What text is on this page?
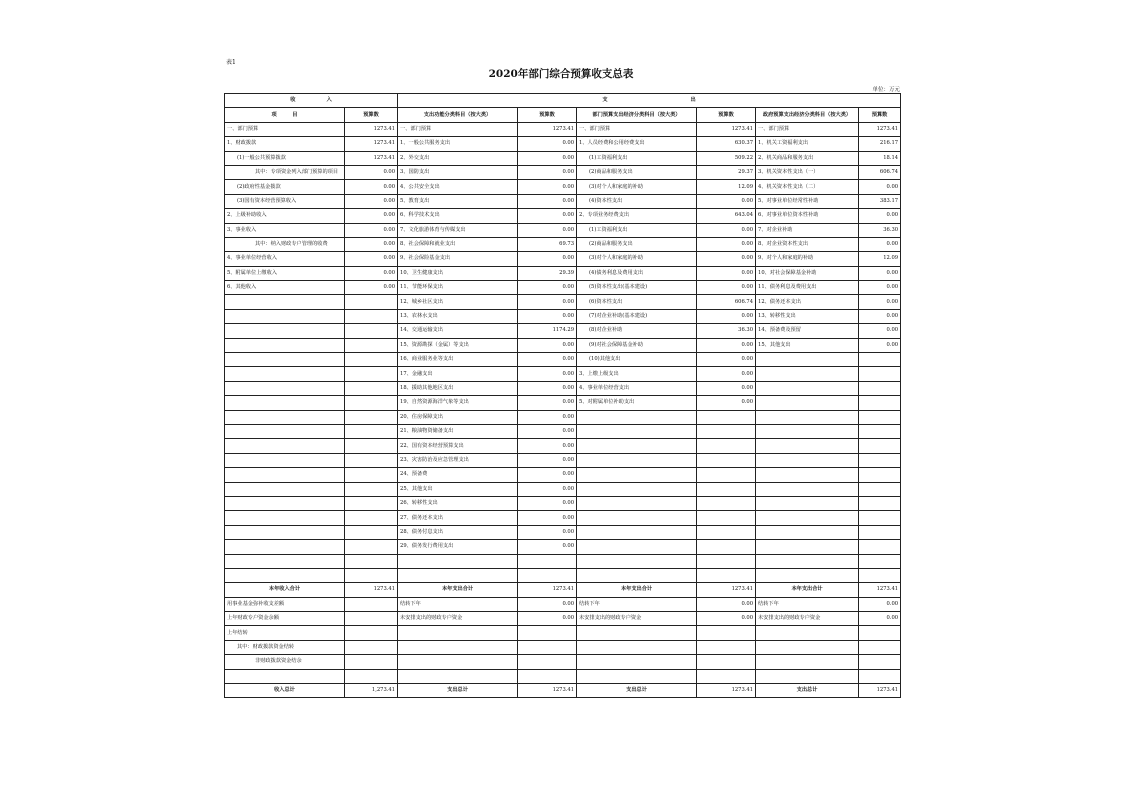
表1
2020年部门综合预算收支总表
单位：万元
收　　　　　　入		支　　　　　　　　　　　　　　　　出					
项　　　目	预算数	支出功能分类科目（按大类）	预算数	部门预算支出经济分类科目（按大类）	预算数	政府预算支出经济分类科目（按大类）	预算数
一、部门预算	1273.41	一、部门预算	1273.41	一、部门预算	1273.41	一、部门预算	1273.41
1、财政拨款	1273.41	1、一般公共服务支出	0.00	1、人员经费和公用经费支出	630.37	1、机关工资福利支出	216.17
(1)一般公共预算拨款	1273.41	2、外交支出	0.00	(1)工资福利支出	509.22	2、机关商品和服务支出	18.14
其中：专项资金列入部门预算的项目	0.00	3、国防支出	0.00	(2)商品和服务支出	29.37	3、机关资本性支出（一）	606.74
(2)政府性基金拨款	0.00	4、公共安全支出	0.00	(3)对个人和家庭的补助	12.09	4、机关资本性支出（二）	0.00
(3)国有资本经营预算收入	0.00	5、教育支出	0.00	(4)资本性支出	0.00	5、对事业单位经常性补助	383.17
2、上级补助收入	0.00	6、科学技术支出	0.00	2、专项业务经费支出	643.04	6、对事业单位资本性补助	0.00
3、事业收入	0.00	7、文化旅游体育与传媒支出	0.00	(1)工资福利支出	0.00	7、对企业补助	36.30
其中：纳入财政专户管理的收费	0.00	8、社会保障和就业支出	69.73	(2)商品和服务支出	0.00	8、对企业资本性支出	0.00
4、事业单位经营收入	0.00	9、社会保险基金支出	0.00	(3)对个人和家庭的补助	0.00	9、对个人和家庭的补助	12.09
5、附属单位上缴收入	0.00	10、卫生健康支出	29.39	(4)债务利息及费用支出	0.00	10、对社会保障基金补助	0.00
6、其他收入	0.00	11、节能环保支出	0.00	(5)资本性支出(基本建设)	0.00	11、债务利息及费用支出	0.00
		12、城乡社区支出	0.00	(6)资本性支出	606.74	12、债务还本支出	0.00
		13、农林水支出	0.00	(7)对企业补助(基本建设)	0.00	13、转移性支出	0.00
		14、交通运输支出	1174.29	(8)对企业补助	36.30	14、预备费及预留	0.00
		15、资源勘探（金属）等支出	0.00	(9)对社会保障基金补助	0.00	15、其他支出	0.00
		16、商业服务业等支出	0.00	(10)其他支出	0.00		
		17、金融支出	0.00	3、上缴上级支出	0.00		
		18、援助其他地区支出	0.00	4、事业单位经营支出	0.00		
		19、自然资源海洋气象等支出	0.00	5、对附属单位补助支出	0.00		
		20、住房保障支出	0.00				
		21、粮油物资储备支出	0.00				
		22、国有资本经营预算支出	0.00				
		23、灾害防治及应急管理支出	0.00				
		24、预备费	0.00				
		25、其他支出	0.00				
		26、转移性支出	0.00				
		27、债务还本支出	0.00				
		28、债务付息支出	0.00				
		29、债务发行费用支出	0.00				

本年收入合计	1273.41	本年支出合计	1273.41	本年支出合计	1273.41	本年支出合计	1273.41
用事业基金弥补收支差额		结转下年	0.00	结转下年	0.00	结转下年	0.00
上年财政专户资金余额		未安排支出的财政专户资金	0.00	未安排支出的财政专户资金	0.00	未安排支出的财政专户资金	0.00
上年结转							
其中：财政拨款资金结转							
非财政拨款资金结余							

收入总计	1,273.41	支出总计	1273.41	支出总计	1273.41	支出总计	1273.41
